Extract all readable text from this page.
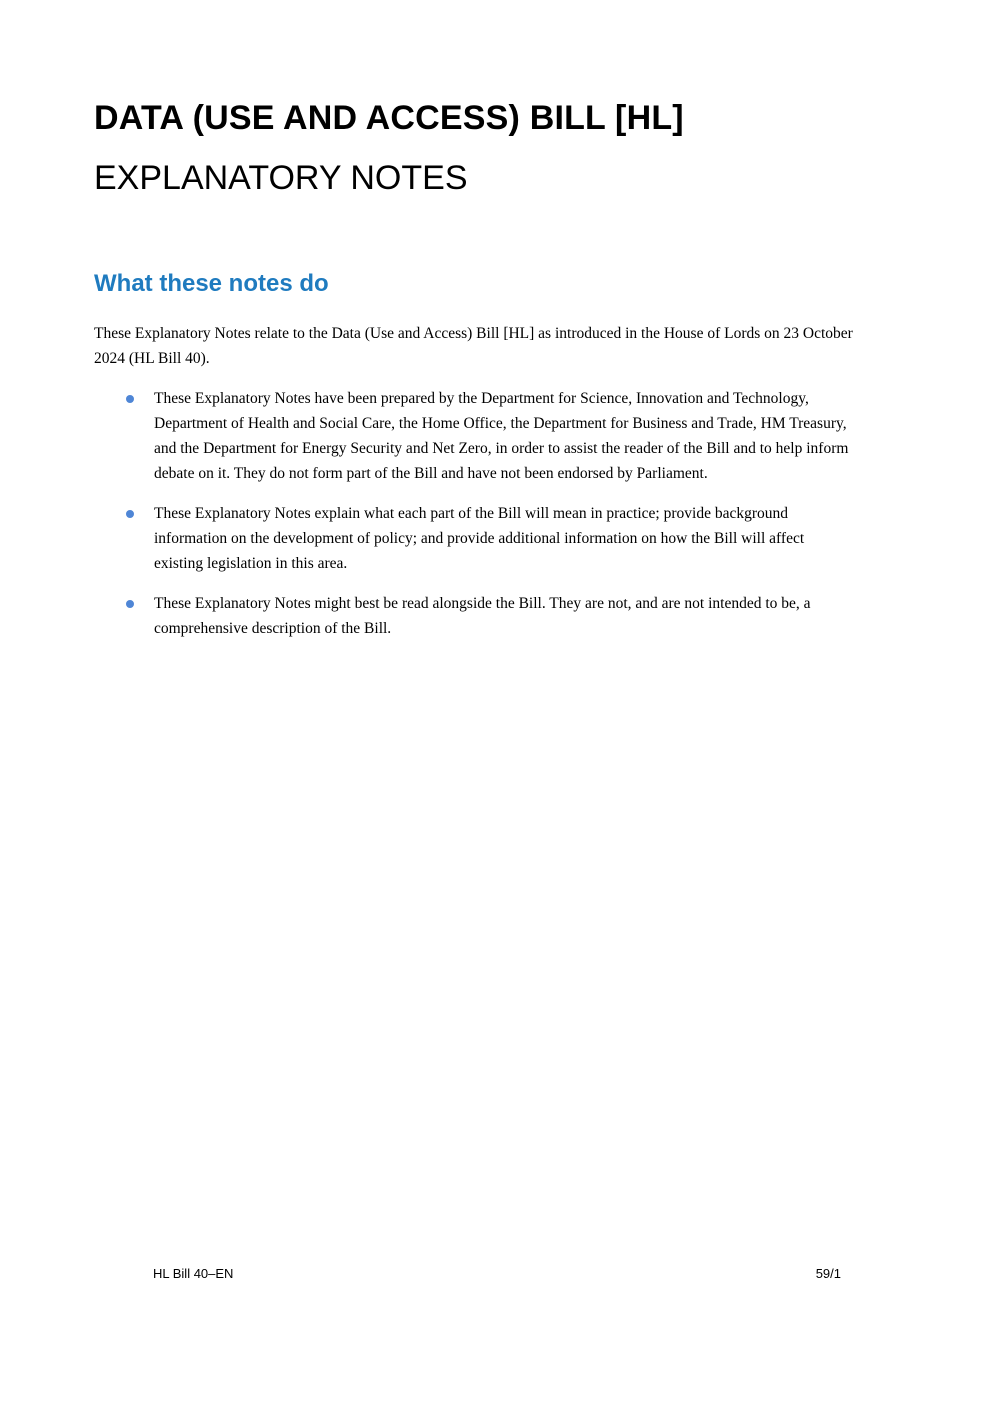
DATA (USE AND ACCESS) BILL [HL]
EXPLANATORY NOTES
What these notes do

These Explanatory Notes relate to the Data (Use and Access) Bill [HL] as introduced in the House of Lords on 23 October 2024 (HL Bill 40).

These Explanatory Notes have been prepared by the Department for Science, Innovation and Technology, Department of Health and Social Care, the Home Office, the Department for Business and Trade, HM Treasury, and the Department for Energy Security and Net Zero, in order to assist the reader of the Bill and to help inform debate on it. They do not form part of the Bill and have not been endorsed by Parliament.
These Explanatory Notes explain what each part of the Bill will mean in practice; provide background information on the development of policy; and provide additional information on how the Bill will affect existing legislation in this area.
These Explanatory Notes might best be read alongside the Bill. They are not, and are not intended to be, a comprehensive description of the Bill.
HL Bill 40–EN	59/1
